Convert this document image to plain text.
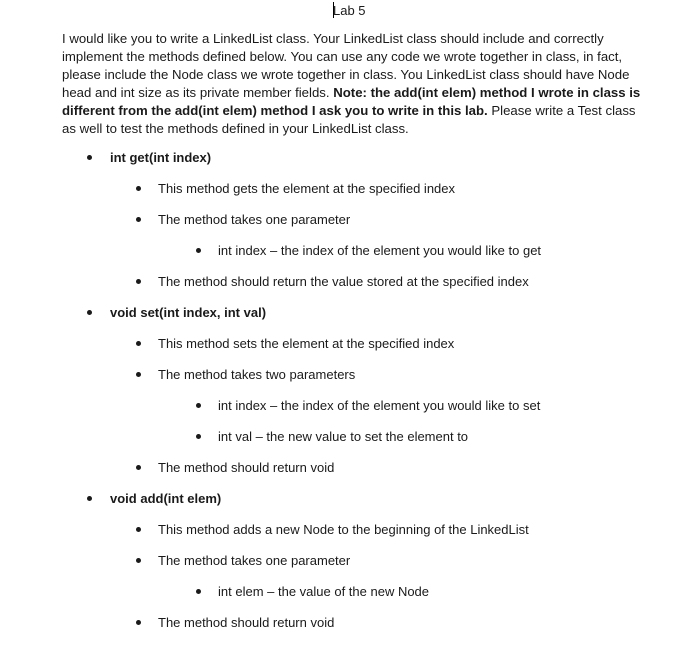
Lab 5
I would like you to write a LinkedList class. Your LinkedList class should include and correctly implement the methods defined below. You can use any code we wrote together in class, in fact, please include the Node class we wrote together in class. You LinkedList class should have Node head and int size as its private member fields. Note: the add(int elem) method I wrote in class is different from the add(int elem) method I ask you to write in this lab. Please write a Test class as well to test the methods defined in your LinkedList class.
int get(int index)
This method gets the element at the specified index
The method takes one parameter
int index – the index of the element you would like to get
The method should return the value stored at the specified index
void set(int index, int val)
This method sets the element at the specified index
The method takes two parameters
int index – the index of the element you would like to set
int val – the new value to set the element to
The method should return void
void add(int elem)
This method adds a new Node to the beginning of the LinkedList
The method takes one parameter
int elem – the value of the new Node
The method should return void
